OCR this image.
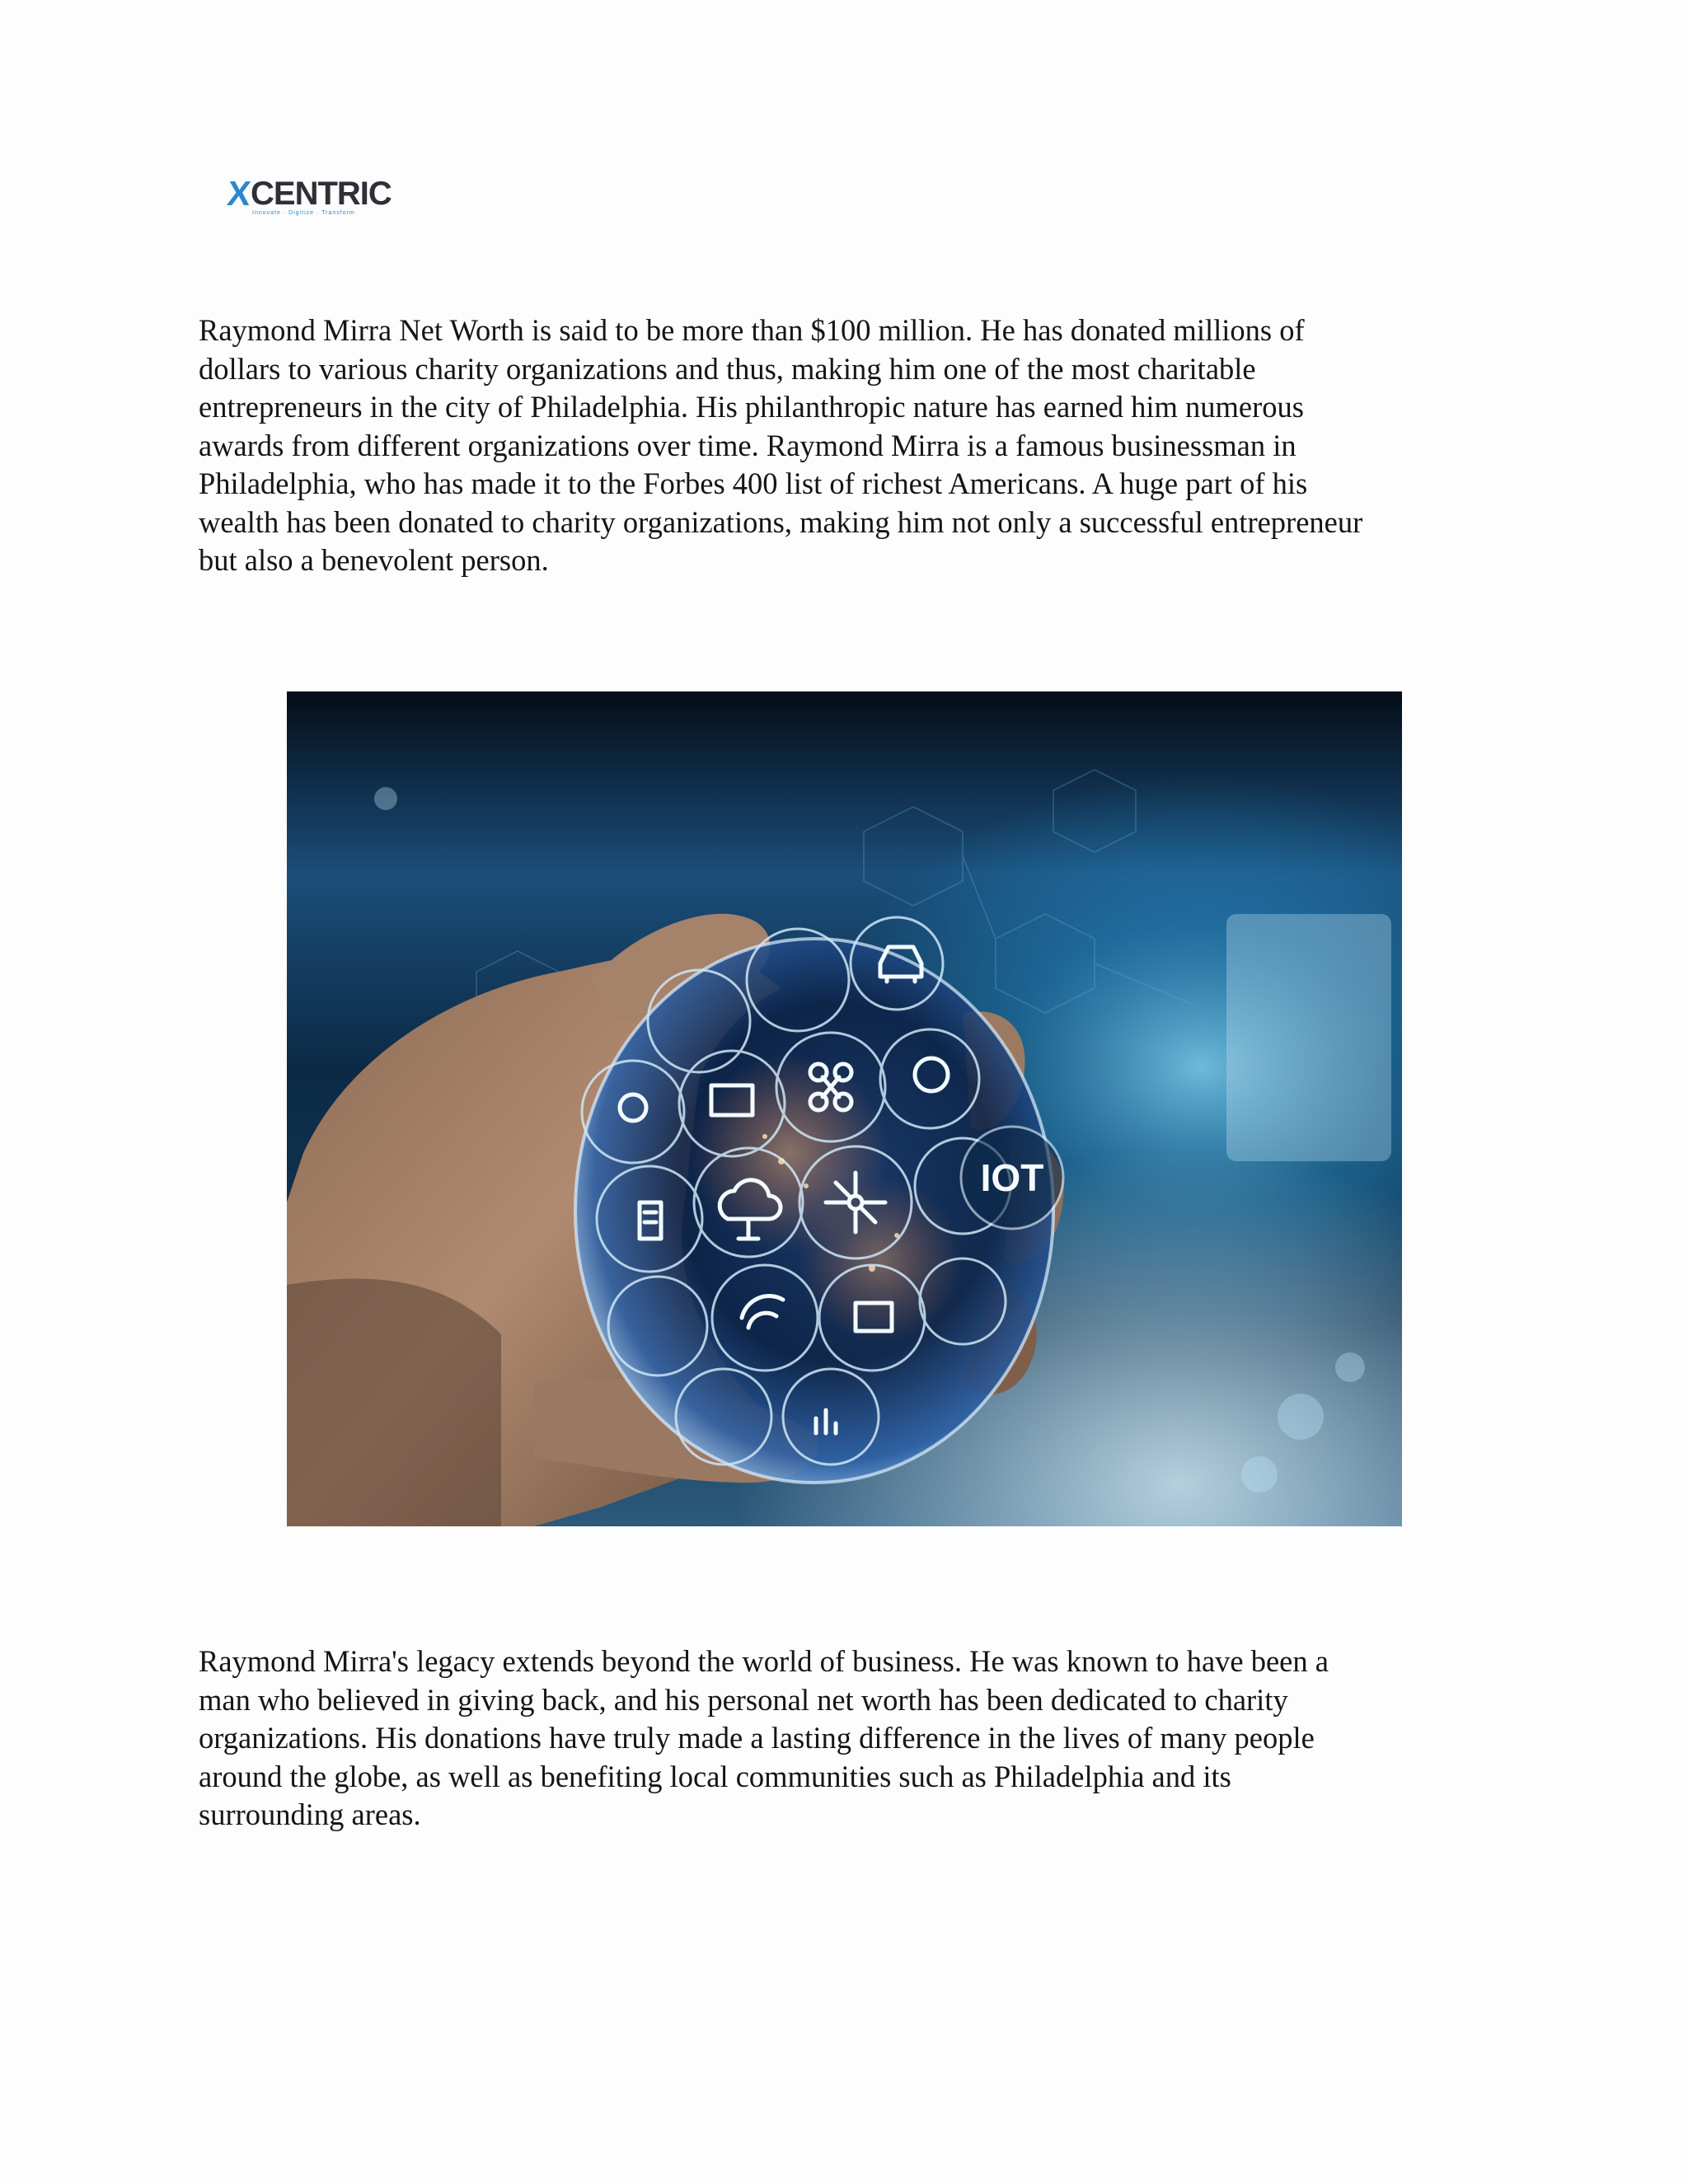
X
CENTRIC
Innovate · Digitize · Transform

Raymond Mirra Net Worth is said to be more than $100 million. He has donated millions of
dollars to various charity organizations and thus, making him one of the most charitable
entrepreneurs in the city of Philadelphia. His philanthropic nature has earned him numerous
awards from different organizations over time. Raymond Mirra is a famous businessman in
Philadelphia, who has made it to the Forbes 400 list of richest Americans. A huge part of his
wealth has been donated to charity organizations, making him not only a successful entrepreneur
but also a benevolent person.

IOT

Raymond Mirra's legacy extends beyond the world of business. He was known to have been a
man who believed in giving back, and his personal net worth has been dedicated to charity
organizations. His donations have truly made a lasting difference in the lives of many people
around the globe, as well as benefiting local communities such as Philadelphia and its
surrounding areas.
